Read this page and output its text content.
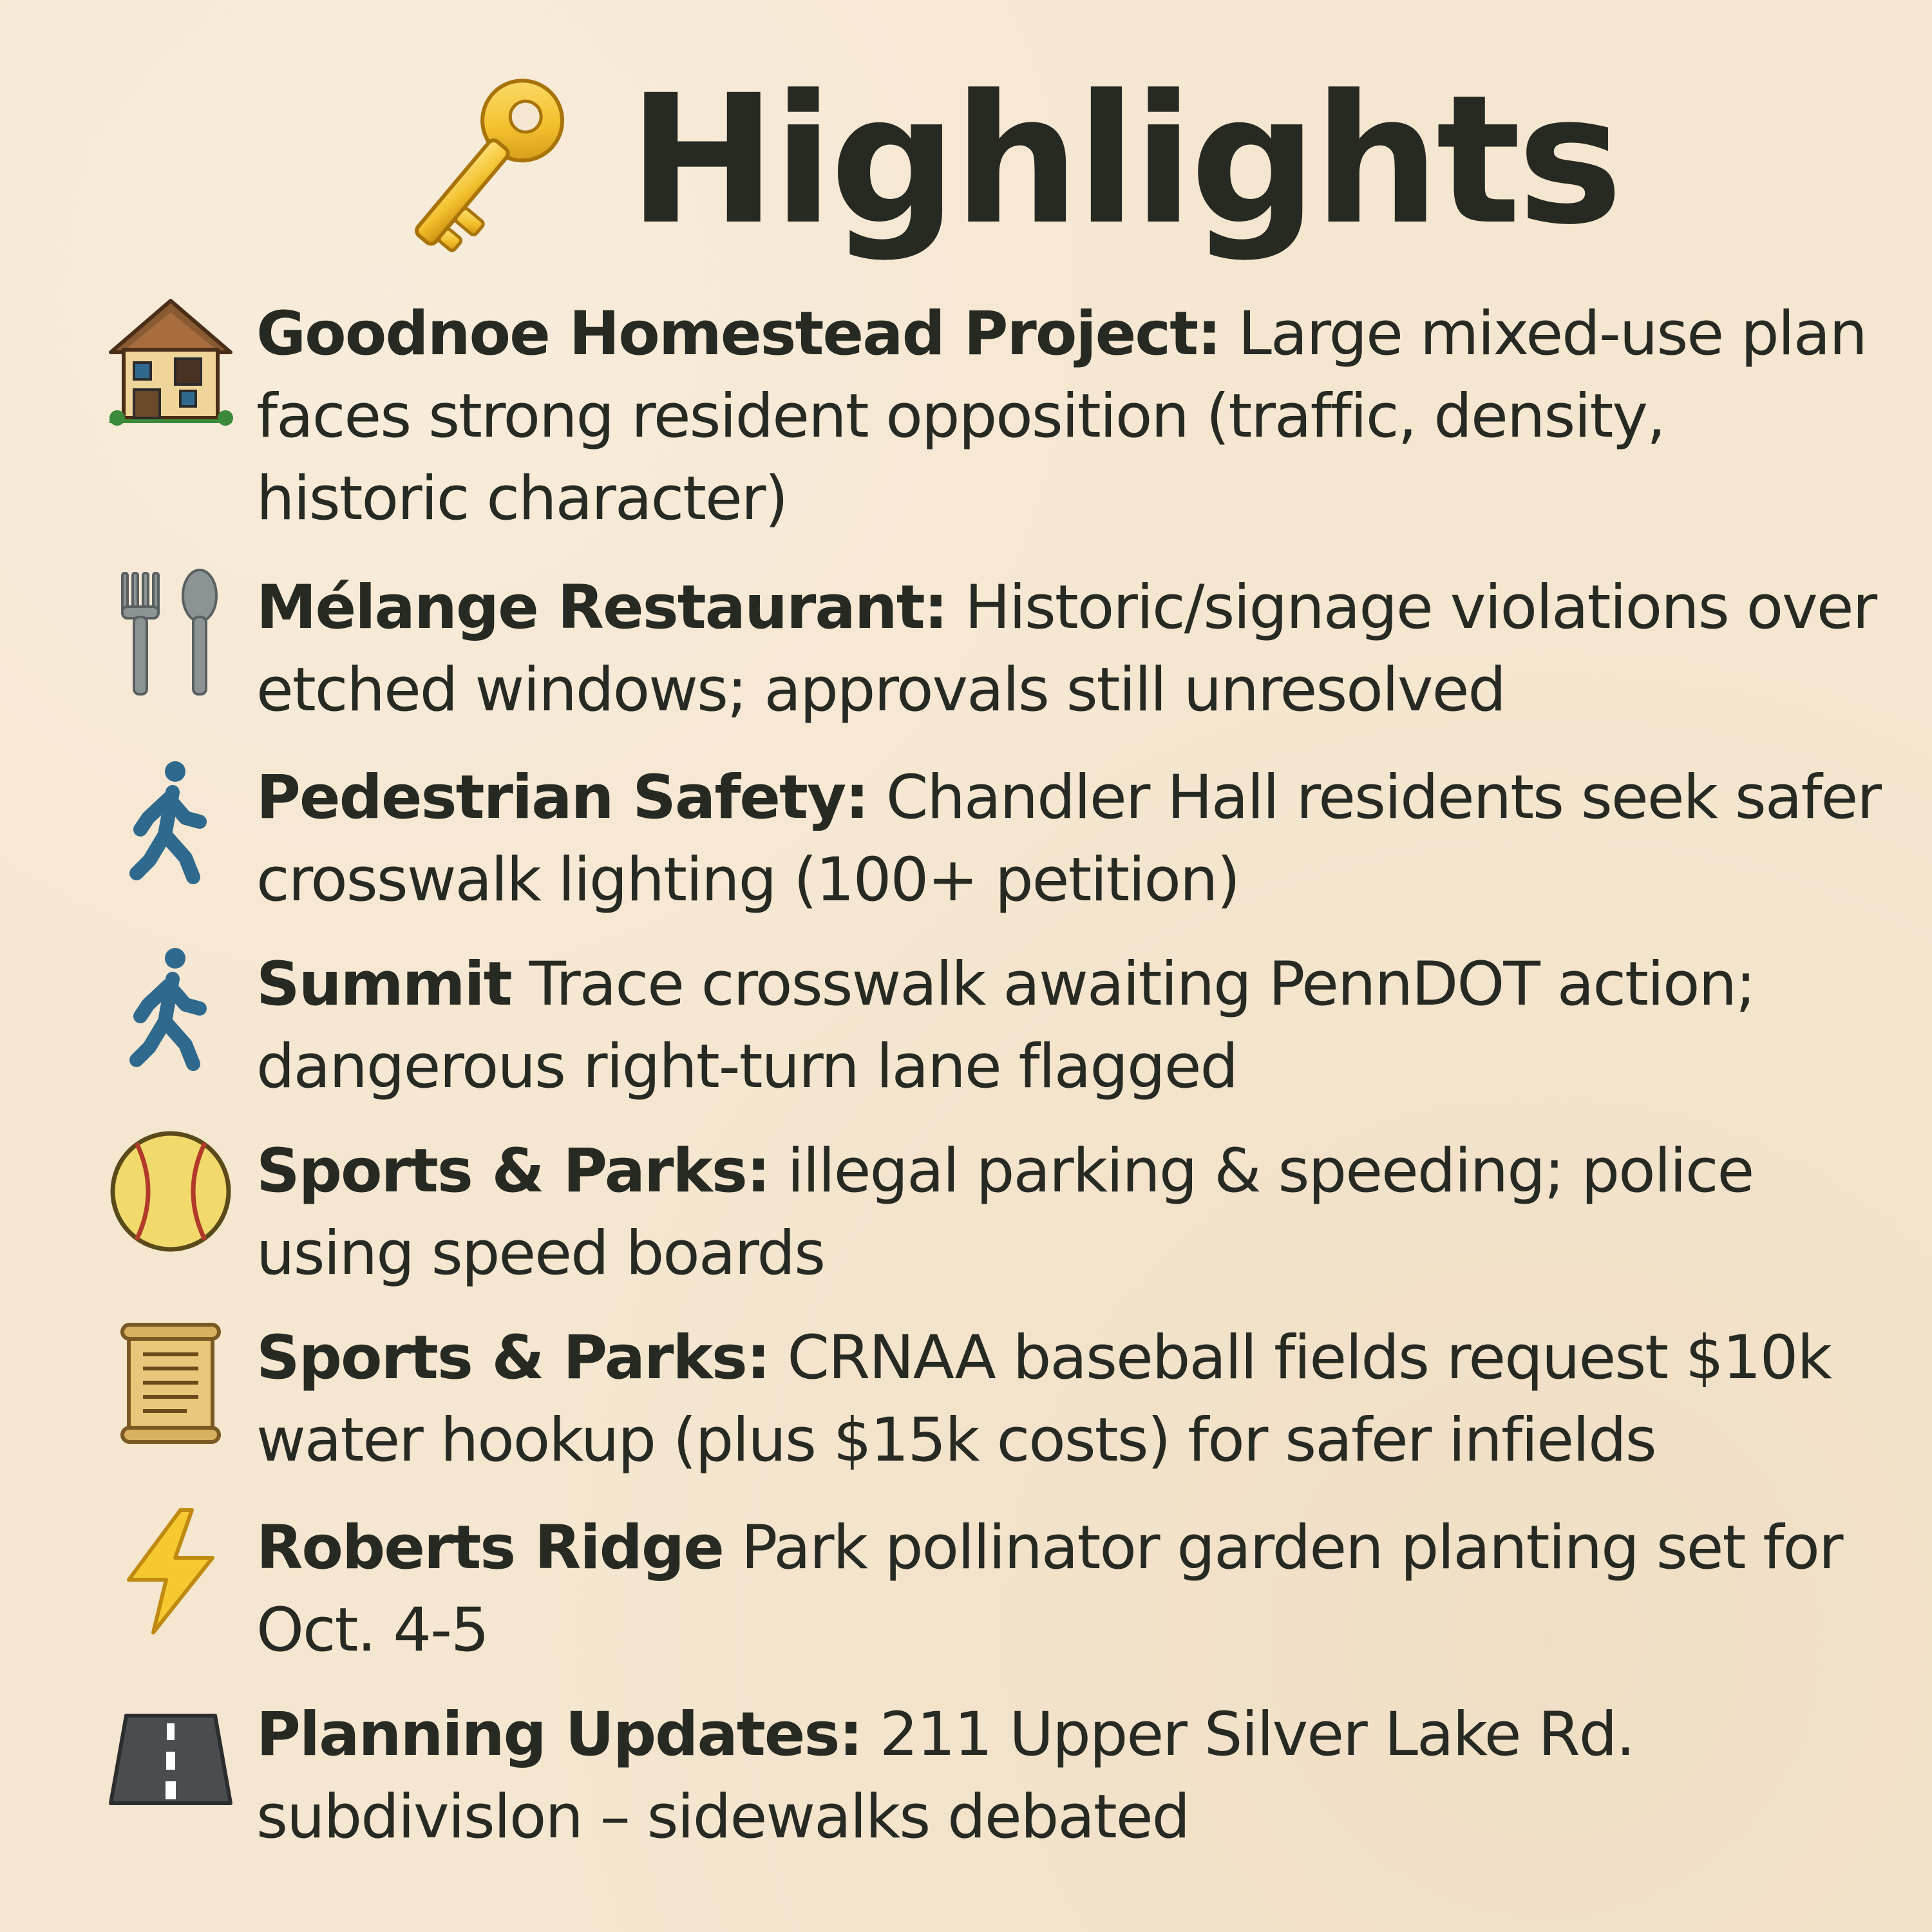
Highlights

Goodnoe Homestead Project: Large mixed-use plan faces strong resident opposition (traffic, density, historic character)

Mélange Restaurant: Historic/signage violations over etched windows; approvals still unresolved

Pedestrian Safety: Chandler Hall residents seek safer crosswalk lighting (100+ petition)

Summit Trace crosswalk awaiting PennDOT action; dangerous right-turn lane flagged

Sports & Parks: illegal parking & speeding; police using speed boards

Sports & Parks: CRNAA baseball fields request $10k water hookup (plus $15k costs) for safer infields

Roberts Ridge Park pollinator garden planting set for Oct. 4-5

Planning Updates: 211 Upper Silver Lake Rd. subdivislon – sidewalks debated
